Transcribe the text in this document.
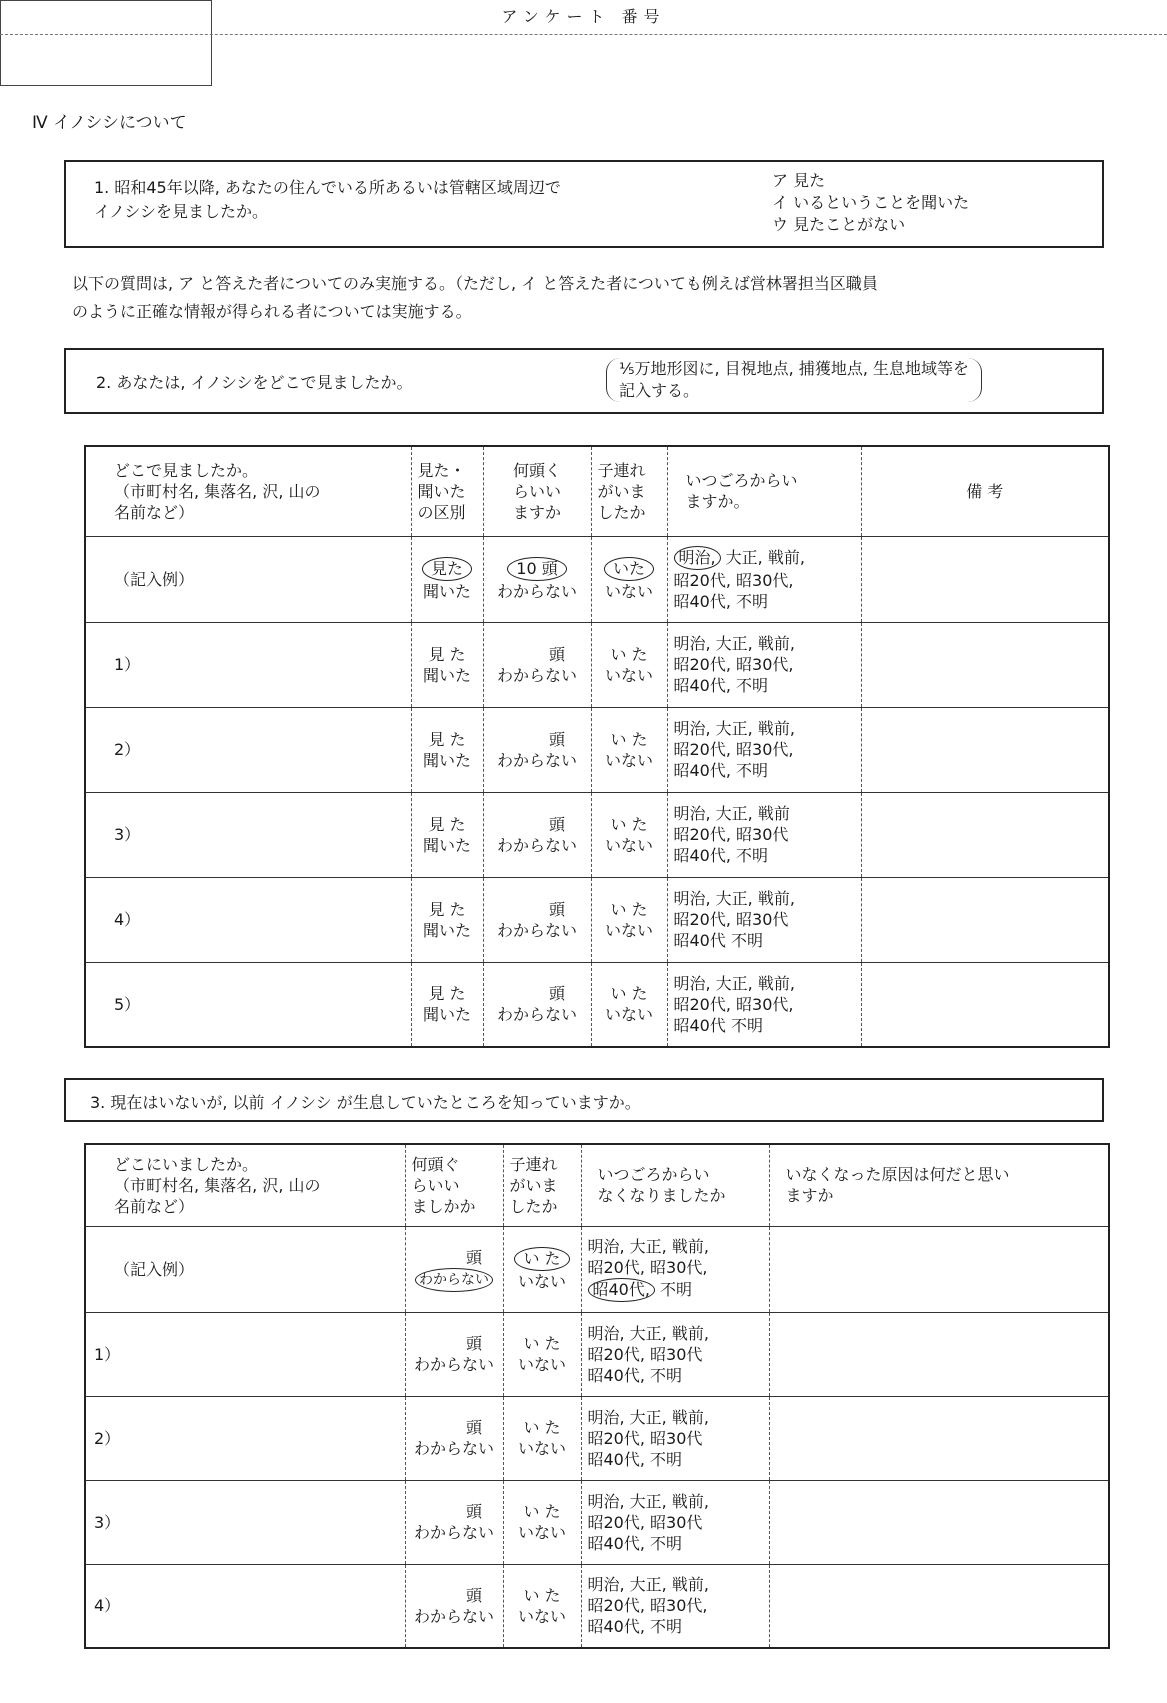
アンケート 番号
Ⅳ イノシシについて
1. 昭和45年以降, あなたの住んでいる所あるいは管轄区域周辺で
イノシシを見ましたか。
ア 見た
イ いるということを聞いた
ウ 見たことがない
以下の質問は, ア と答えた者についてのみ実施する。（ただし, イ と答えた者についても例えば営林署担当区職員
のように正確な情報が得られる者については実施する。
2. あなたは, イノシシをどこで見ましたか。
⅕万地形図に, 目視地点, 捕獲地点, 生息地域等を
記入する。
どこで見ましたか。
（市町村名, 集落名, 沢, 山の
名前など）	見た・
聞いた
の区別	何頭く
らいい
ますか	子連れ
がいま
したか	いつごろからい
ますか。	備 考
（記入例）	見た
聞いた	10 頭
わからない	いた
いない	明治, 大正, 戦前,
昭20代, 昭30代,
昭40代, 不明	
1）	見 た
聞いた	頭
わからない	い た
いない	明治, 大正, 戦前,
昭20代, 昭30代,
昭40代, 不明	
2）	見 た
聞いた	頭
わからない	い た
いない	明治, 大正, 戦前,
昭20代, 昭30代,
昭40代, 不明	
3）	見 た
聞いた	頭
わからない	い た
いない	明治, 大正, 戦前
昭20代, 昭30代
昭40代, 不明	
4）	見 た
聞いた	頭
わからない	い た
いない	明治, 大正, 戦前,
昭20代, 昭30代
昭40代 不明	
5）	見 た
聞いた	頭
わからない	い た
いない	明治, 大正, 戦前,
昭20代, 昭30代,
昭40代 不明	
3. 現在はいないが, 以前 イノシシ が生息していたところを知っていますか。
どこにいましたか。
（市町村名, 集落名, 沢, 山の
名前など）	何頭ぐ
らいい
ましかか	子連れ
がいま
したか	いつごろからい
なくなりましたか	いなくなった原因は何だと思い
ますか
（記入例）	頭
わからない	い た
いない	明治, 大正, 戦前,
昭20代, 昭30代,
昭40代, 不明	
1）	頭
わからない	い た
いない	明治, 大正, 戦前,
昭20代, 昭30代
昭40代, 不明	
2）	頭
わからない	い た
いない	明治, 大正, 戦前,
昭20代, 昭30代
昭40代, 不明	
3）	頭
わからない	い た
いない	明治, 大正, 戦前,
昭20代, 昭30代
昭40代, 不明	
4）	頭
わからない	い た
いない	明治, 大正, 戦前,
昭20代, 昭30代,
昭40代, 不明	
